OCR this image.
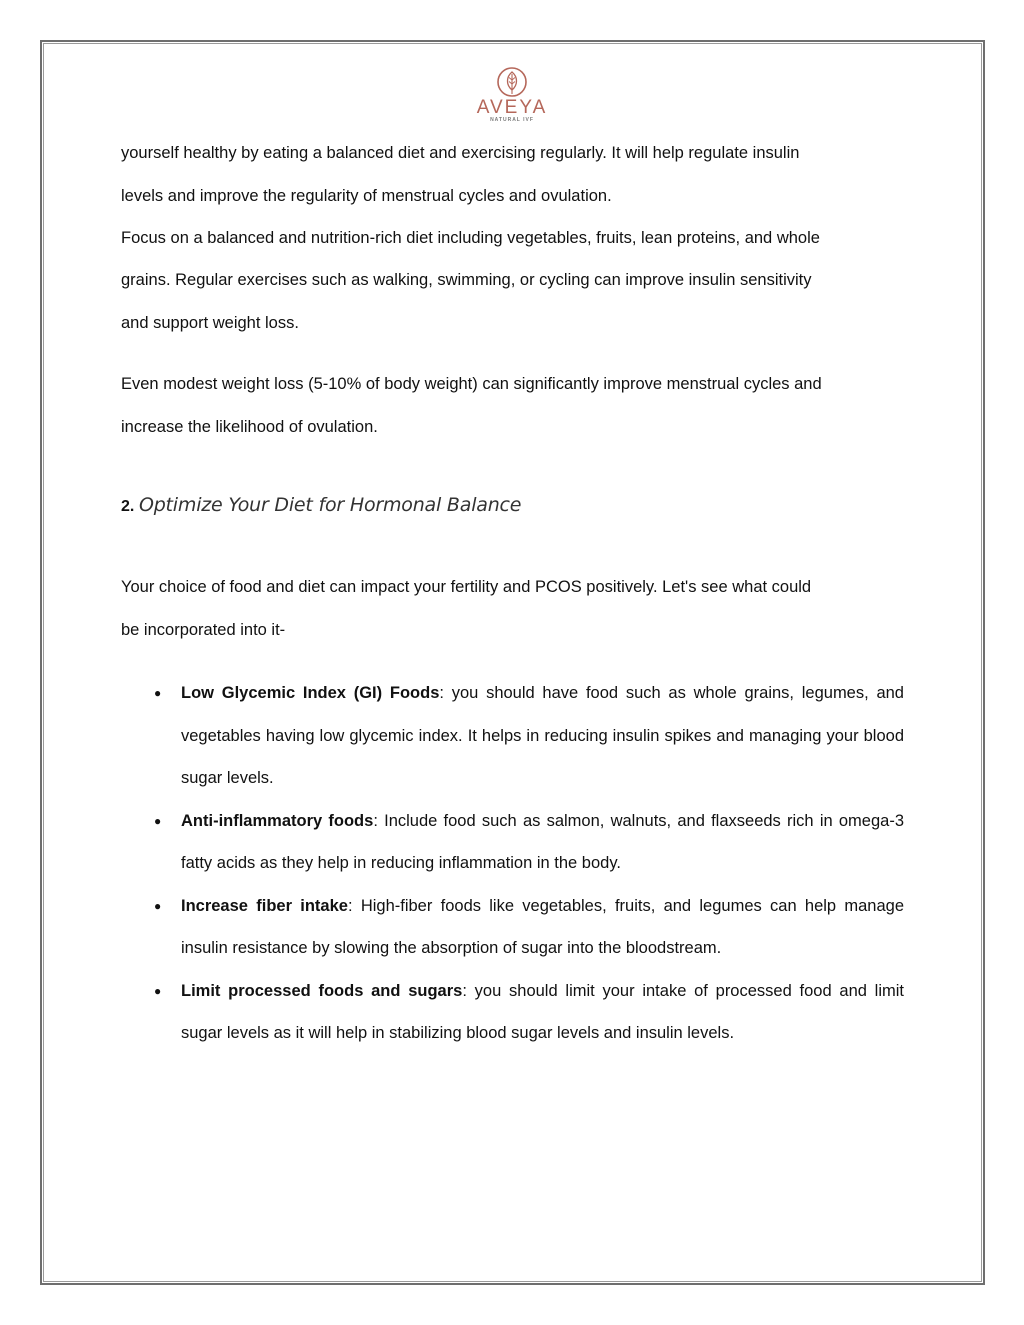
AVEYA
NATURAL IVF

yourself healthy by eating a balanced diet and exercising regularly. It will help regulate insulin

levels and improve the regularity of menstrual cycles and ovulation.

Focus on a balanced and nutrition-rich diet including vegetables, fruits, lean proteins, and whole

grains. Regular exercises such as walking, swimming, or cycling can improve insulin sensitivity

and support weight loss.

Even modest weight loss (5-10% of body weight) can significantly improve menstrual cycles and

increase the likelihood of ovulation.

2. Optimize Your Diet for Hormonal Balance

Your choice of food and diet can impact your fertility and PCOS positively. Let's see what could

be incorporated into it-

● Low Glycemic Index (GI) Foods: you should have food such as whole grains, legumes, and vegetables having low glycemic index. It helps in reducing insulin spikes and managing your blood sugar levels.
● Anti-inflammatory foods: Include food such as salmon, walnuts, and flaxseeds rich in omega-3 fatty acids as they help in reducing inflammation in the body.
● Increase fiber intake: High-fiber foods like vegetables, fruits, and legumes can help manage insulin resistance by slowing the absorption of sugar into the bloodstream.
● Limit processed foods and sugars: you should limit your intake of processed food and limit sugar levels as it will help in stabilizing blood sugar levels and insulin levels.
